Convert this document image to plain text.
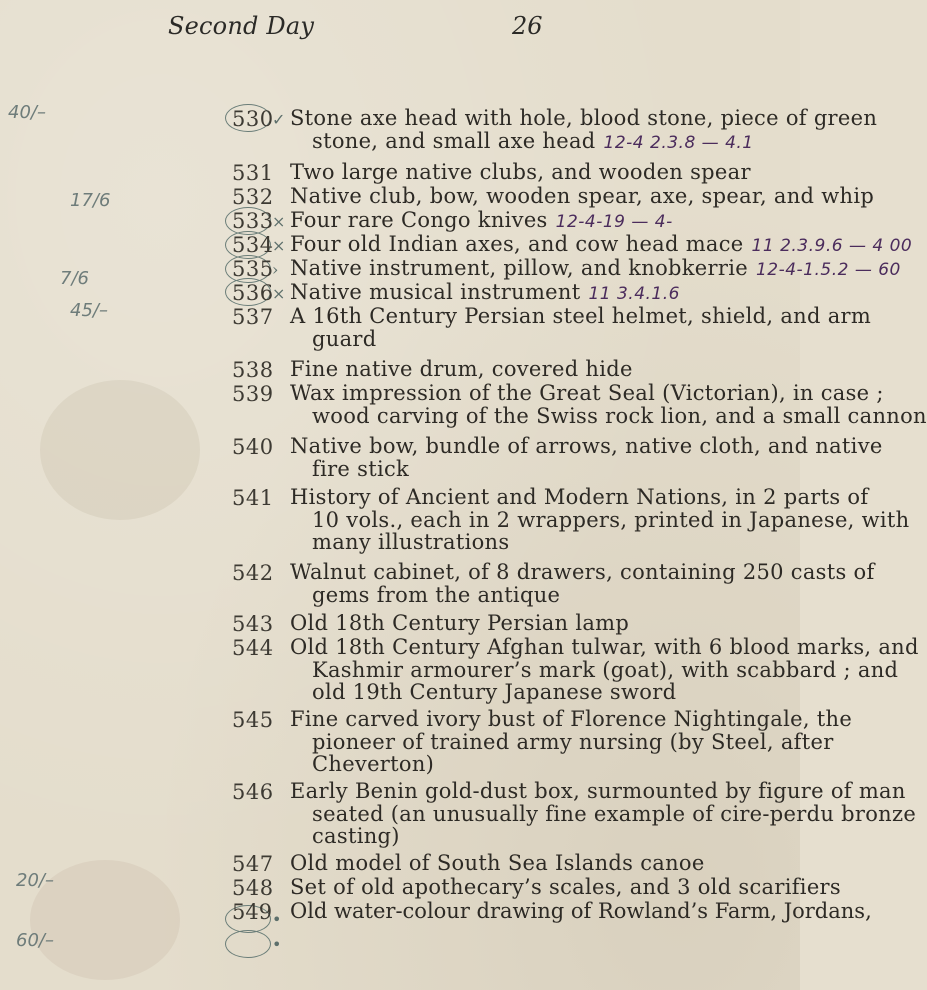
Second Day	26
40/–
17/6
7/6
45/–
20/–
60/–
✓
×
×
›
×
•
•
530 Stone axe head with hole, blood stone, piece of green
stone, and small axe head 12-4 2.3.8 — 4.1
531 Two large native clubs, and wooden spear
532 Native club, bow, wooden spear, axe, spear, and whip
533 Four rare Congo knives 12-4-19 — 4-
534 Four old Indian axes, and cow head mace 11 2.3.9.6 — 4 00
535 Native instrument, pillow, and knobkerrie 12-4-1.5.2 — 60
536 Native musical instrument 11 3.4.1.6
537 A 16th Century Persian steel helmet, shield, and arm
guard
538 Fine native drum, covered hide
539 Wax impression of the Great Seal (Victorian), in case ;
wood carving of the Swiss rock lion, and a small cannon
540 Native bow, bundle of arrows, native cloth, and native
fire stick
541 History of Ancient and Modern Nations, in 2 parts of
10 vols., each in 2 wrappers, printed in Japanese, with
many illustrations
542 Walnut cabinet, of 8 drawers, containing 250 casts of
gems from the antique
543 Old 18th Century Persian lamp
544 Old 18th Century Afghan tulwar, with 6 blood marks, and
Kashmir armourer’s mark (goat), with scabbard ; and
old 19th Century Japanese sword
545 Fine carved ivory bust of Florence Nightingale, the
pioneer of trained army nursing (by Steel, after
Cheverton)
546 Early Benin gold-dust box, surmounted by figure of man
seated (an unusually fine example of cire-perdu bronze
casting)
547 Old model of South Sea Islands canoe
548 Set of old apothecary’s scales, and 3 old scarifiers
549 Old water-colour drawing of Rowland’s Farm, Jordans,
